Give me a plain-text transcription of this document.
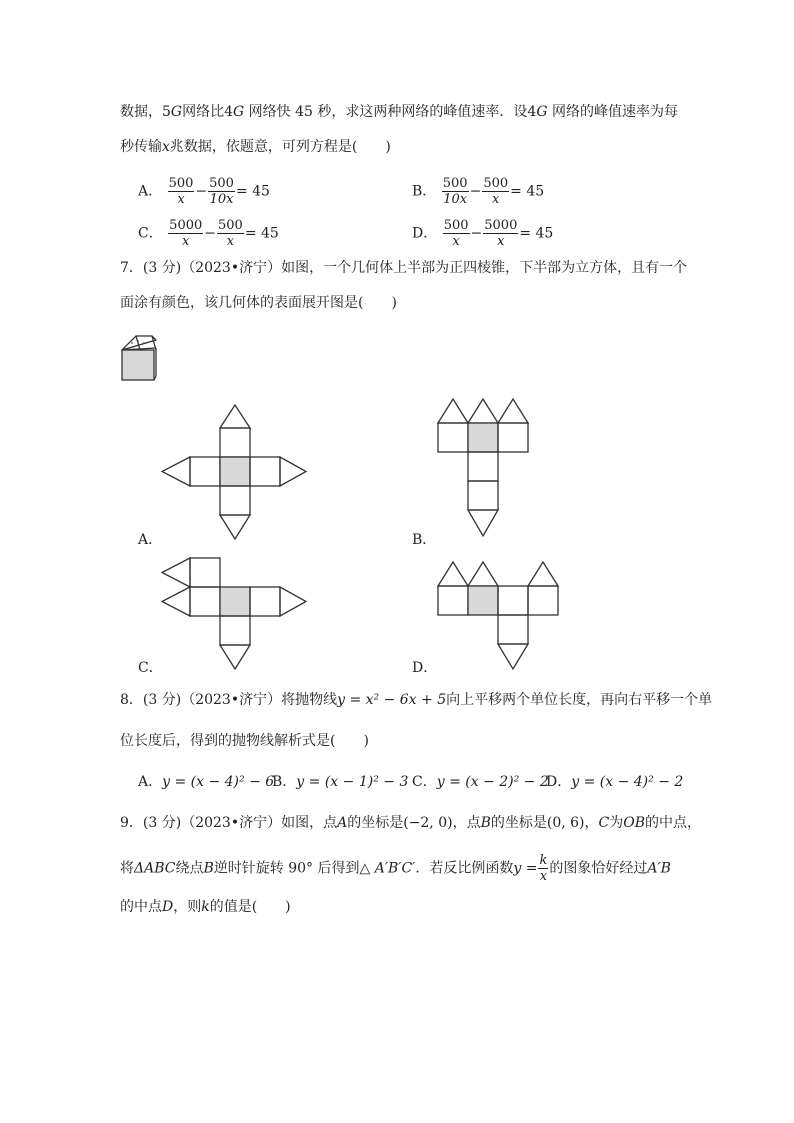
数据，5G网络比4G 网络快 45 秒，求这两种网络的峰值速率．设4G 网络的峰值速率为每
秒传输x兆数据，依题意，可列方程是(　　)
A． $\frac{500}{x} - \frac{500}{10x} = 45$	B． $\frac{500}{10x} - \frac{500}{x} = 45$
C． $\frac{5000}{x} - \frac{500}{x} = 45$	D． $\frac{500}{x} - \frac{5000}{x} = 45$
7．(3 分)（2023•济宁）如图，一个几何体上半部为正四棱锥，下半部为立方体，且有一个
面涂有颜色，该几何体的表面展开图是(　　)
A．	B．
C．	D．
8．(3 分)（2023•济宁）将抛物线y = x² − 6x + 5向上平移两个单位长度，再向右平移一个单
位长度后，得到的抛物线解析式是(　　)
A．y = (x − 4)² − 6
B．y = (x − 1)² − 3 C．y = (x − 2)² − 2
D．y = (x − 4)² − 2
9．(3 分)（2023•济宁）如图，点A的坐标是(−2, 0)，点B的坐标是(0, 6)，C为OB的中点，
将ΔABC绕点B逆时针旋转 90° 后得到△ A′B′C′．若反比例函数$y = \frac{k}{x}$ 的图象恰好经过A′B
的中点D，则k的值是(　　)
